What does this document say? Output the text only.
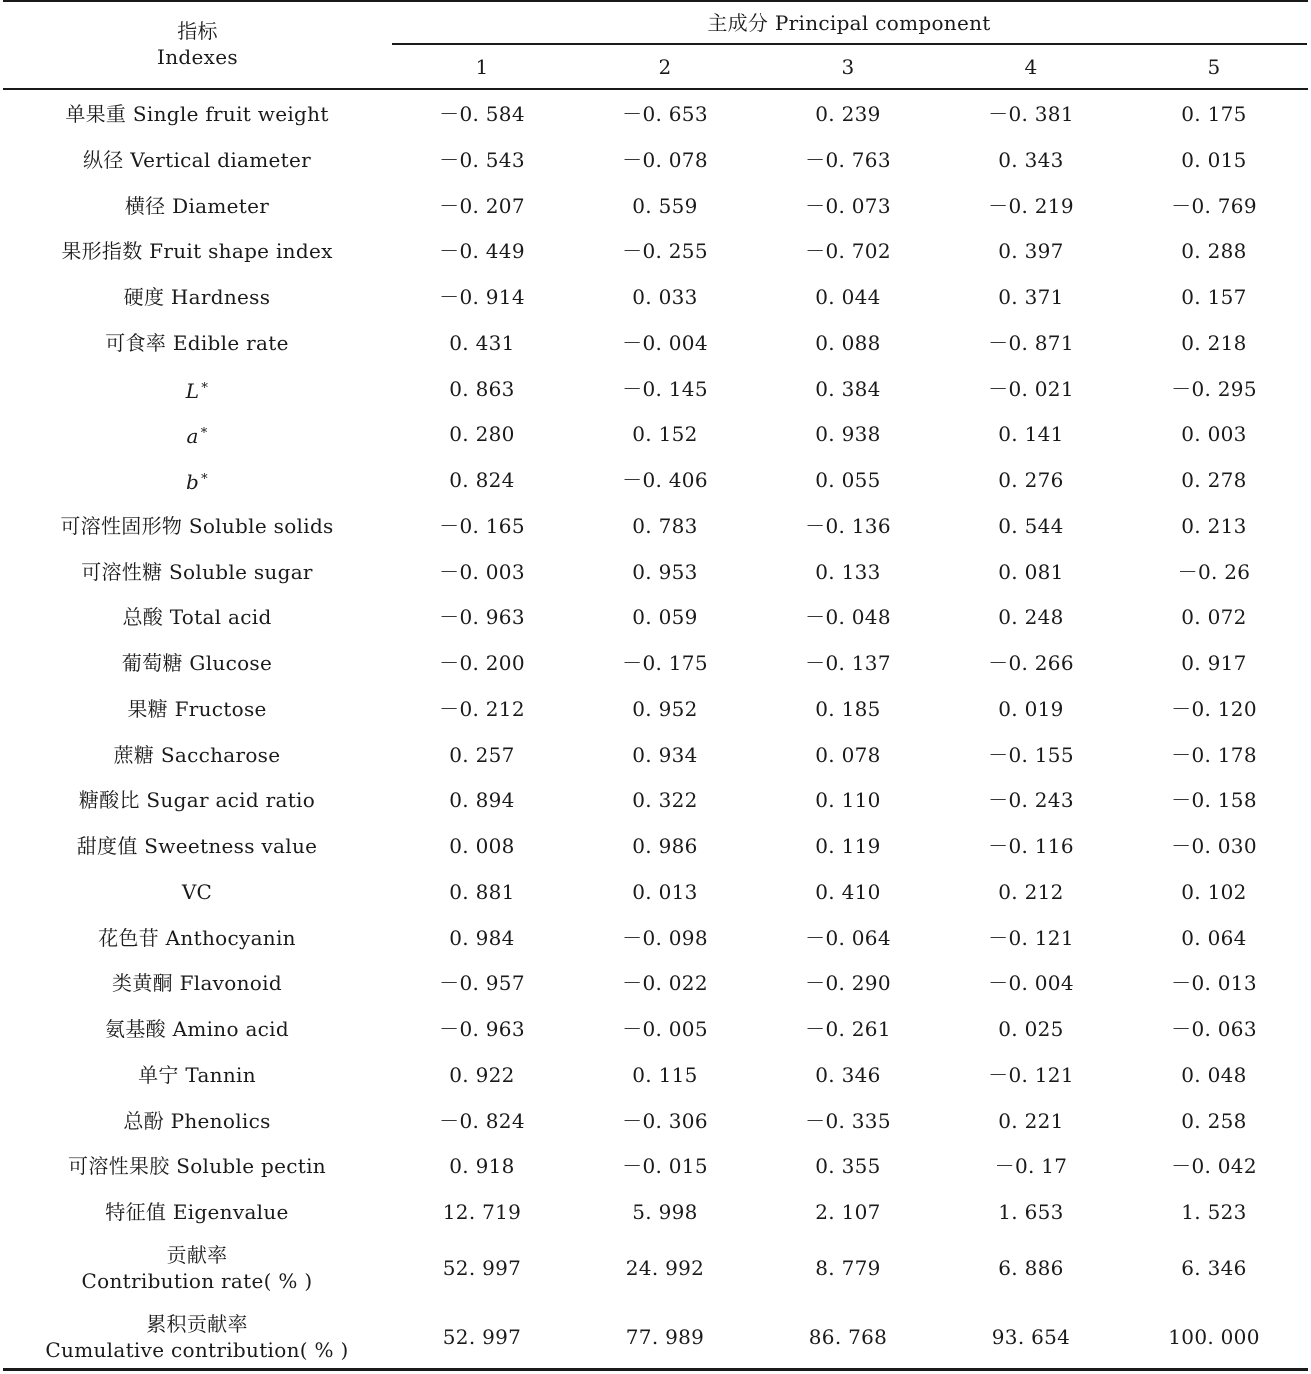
指标
Indexes
主成分 Principal component
1	2	3	4	5
单果重 Single fruit weight	－0. 584	－0. 653	0. 239	－0. 381	0. 175
纵径 Vertical diameter	－0. 543	－0. 078	－0. 763	0. 343	0. 015
横径 Diameter	－0. 207	0. 559	－0. 073	－0. 219	－0. 769
果形指数 Fruit shape index	－0. 449	－0. 255	－0. 702	0. 397	0. 288
硬度 Hardness	－0. 914	0. 033	0. 044	0. 371	0. 157
可食率 Edible rate	0. 431	－0. 004	0. 088	－0. 871	0. 218
L *	0. 863	－0. 145	0. 384	－0. 021	－0. 295
a *	0. 280	0. 152	0. 938	0. 141	0. 003
b *	0. 824	－0. 406	0. 055	0. 276	0. 278
可溶性固形物 Soluble solids	－0. 165	0. 783	－0. 136	0. 544	0. 213
可溶性糖 Soluble sugar	－0. 003	0. 953	0. 133	0. 081	－0. 26
总酸 Total acid	－0. 963	0. 059	－0. 048	0. 248	0. 072
葡萄糖 Glucose	－0. 200	－0. 175	－0. 137	－0. 266	0. 917
果糖 Fructose	－0. 212	0. 952	0. 185	0. 019	－0. 120
蔗糖 Saccharose	0. 257	0. 934	0. 078	－0. 155	－0. 178
糖酸比 Sugar acid ratio	0. 894	0. 322	0. 110	－0. 243	－0. 158
甜度值 Sweetness value	0. 008	0. 986	0. 119	－0. 116	－0. 030
VC	0. 881	0. 013	0. 410	0. 212	0. 102
花色苷 Anthocyanin	0. 984	－0. 098	－0. 064	－0. 121	0. 064
类黄酮 Flavonoid	－0. 957	－0. 022	－0. 290	－0. 004	－0. 013
氨基酸 Amino acid	－0. 963	－0. 005	－0. 261	0. 025	－0. 063
单宁 Tannin	0. 922	0. 115	0. 346	－0. 121	0. 048
总酚 Phenolics	－0. 824	－0. 306	－0. 335	0. 221	0. 258
可溶性果胶 Soluble pectin	0. 918	－0. 015	0. 355	－0. 17	－0. 042
特征值 Eigenvalue	12. 719	5. 998	2. 107	1. 653	1. 523
贡献率
Contribution rate( % )
52. 997	24. 992	8. 779	6. 886	6. 346
累积贡献率
Cumulative contribution( % )
52. 997	77. 989	86. 768	93. 654	100. 000
